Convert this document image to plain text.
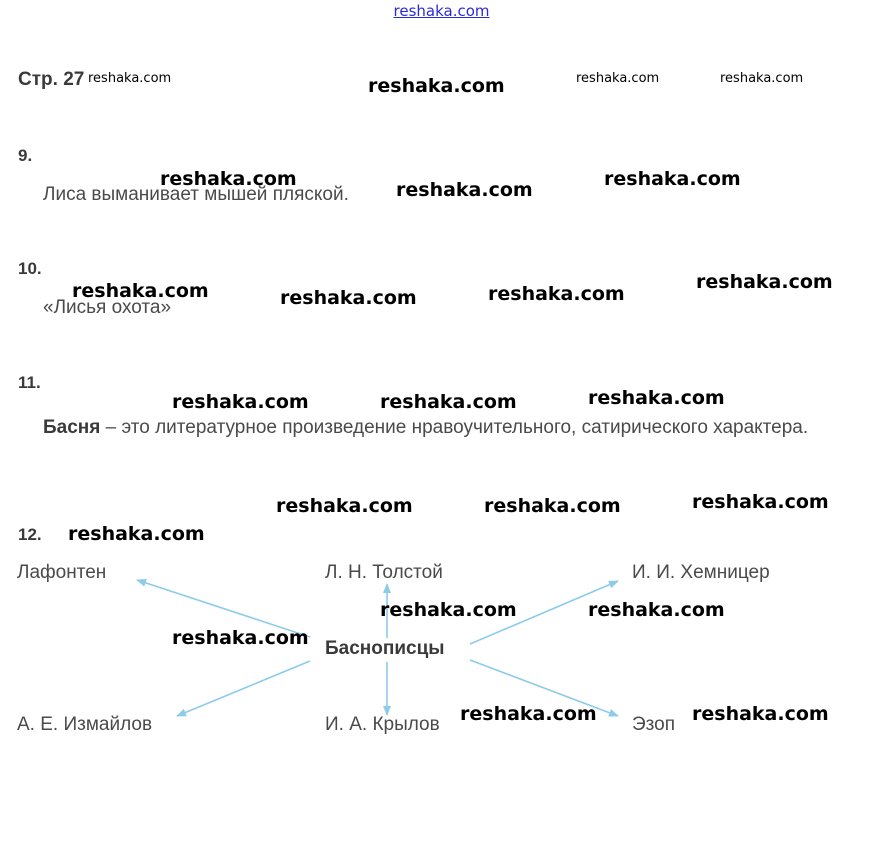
reshaka.com
Стр. 27
9.
Лиса выманивает мышей пляской.
10.
«Лисья охота»
11.
Басня – это литературное произведение нравоучительного, сатирического характера.
12.
Баснописцы
Лафонтен	Л. Н. Толстой	И. И. Хемницер
А. Е. Измайлов	И. А. Крылов	Эзоп
reshaka.com	reshaka.com	reshaka.com
reshaka.com
reshaka.com	reshaka.com	reshaka.com
reshaka.com	reshaka.com	reshaka.com
reshaka.com
reshaka.com	reshaka.com	reshaka.com
reshaka.com	reshaka.com	reshaka.com
reshaka.com
reshaka.com	reshaka.com
reshaka.com
reshaka.com	reshaka.com
